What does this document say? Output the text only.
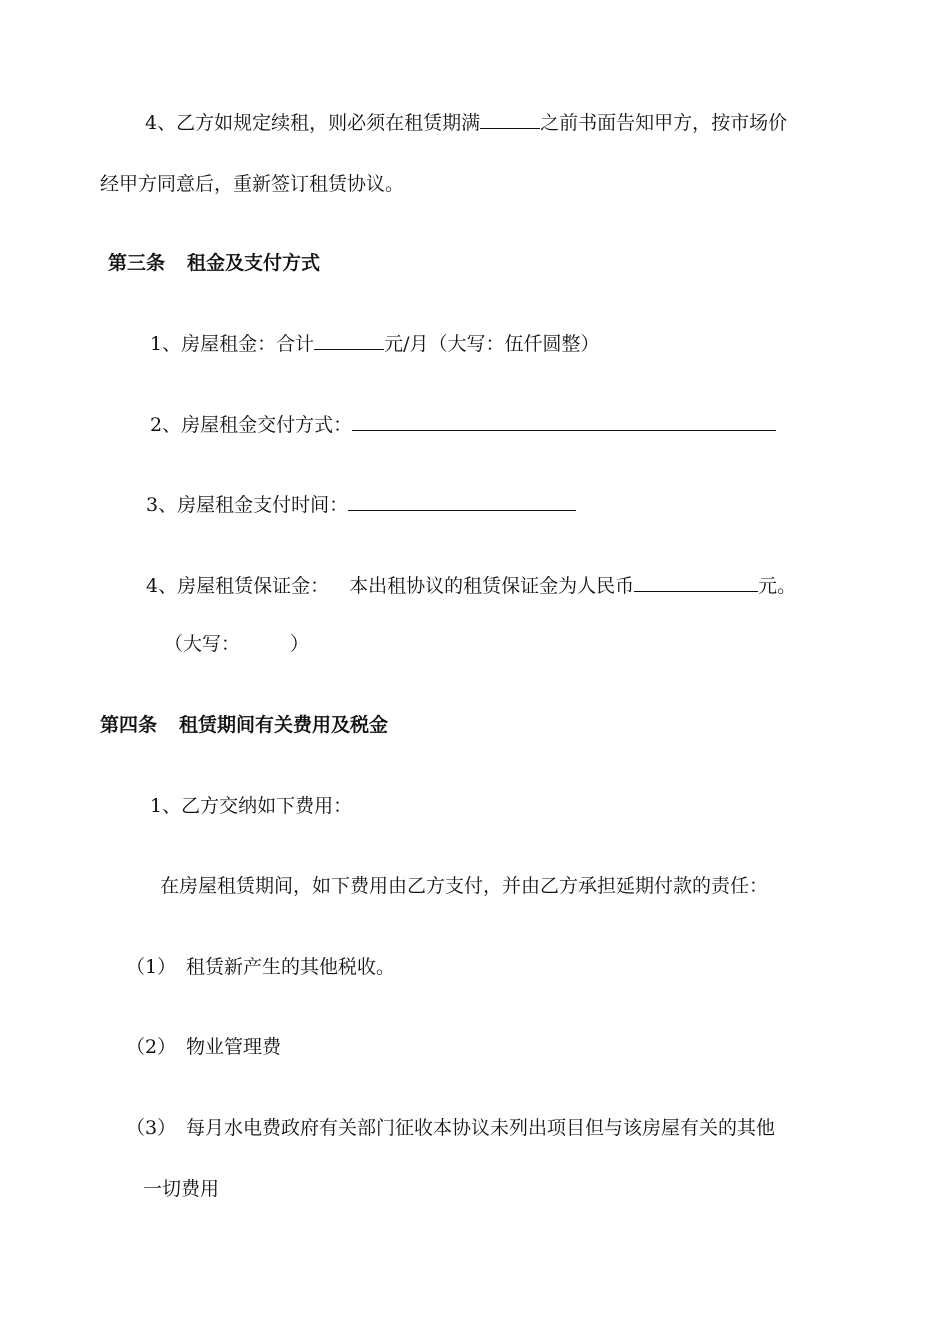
4、乙方如规定续租，则必须在租赁期满	之前书面告知甲方，按市场价
经甲方同意后，重新签订租赁协议。
第三条 租金及支付方式
1、房屋租金：合计	元/月（大写：伍仟圆整）
2、房屋租金交付方式：
3、房屋租金支付时间：
4、房屋租赁保证金： 本出租协议的租赁保证金为人民币	元。
（大写：	）
第四条 租赁期间有关费用及税金
1、乙方交纳如下费用：
在房屋租赁期间，如下费用由乙方支付，并由乙方承担延期付款的责任：
（1） 租赁新产生的其他税收。
（2） 物业管理费
（3） 每月水电费政府有关部门征收本协议未列出项目但与该房屋有关的其他
一切费用
